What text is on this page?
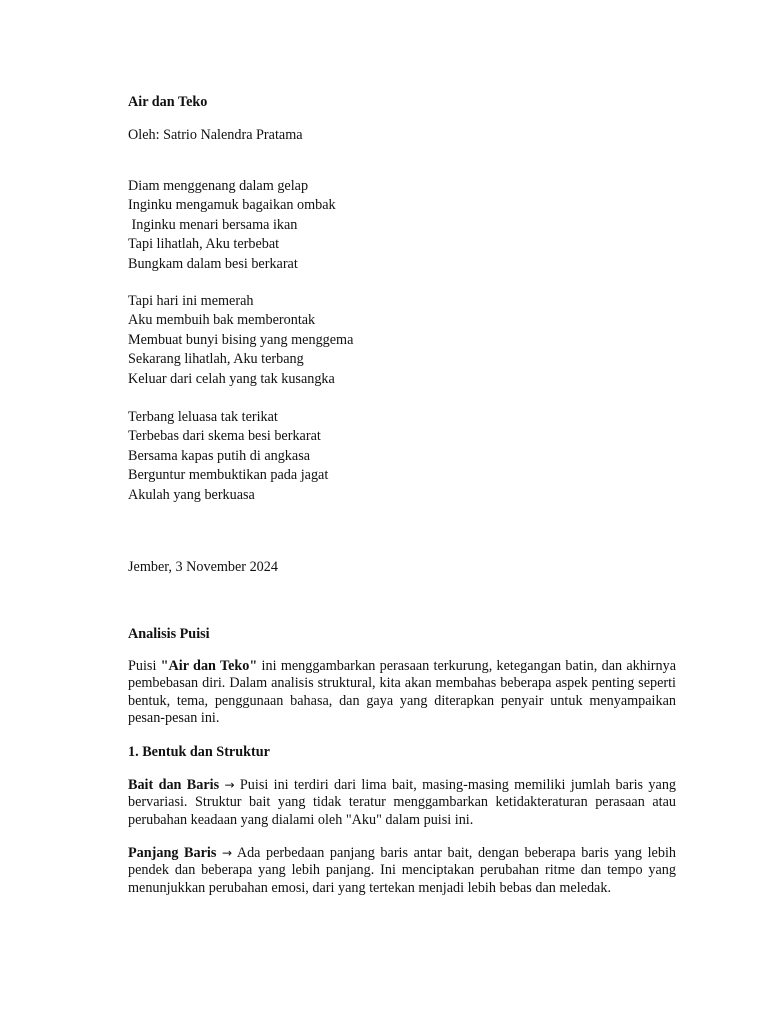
Air dan Teko
Oleh: Satrio Nalendra Pratama
Diam menggenang dalam gelap
Inginku mengamuk bagaikan ombak
Inginku menari bersama ikan
Tapi lihatlah, Aku terbebat
Bungkam dalam besi berkarat
Tapi hari ini memerah
Aku membuih bak memberontak
Membuat bunyi bising yang menggema
Sekarang lihatlah, Aku terbang
Keluar dari celah yang tak kusangka
Terbang leluasa tak terikat
Terbebas dari skema besi berkarat
Bersama kapas putih di angkasa
Berguntur membuktikan pada jagat
Akulah yang berkuasa
Jember, 3 November 2024
Analisis Puisi
Puisi "Air dan Teko" ini menggambarkan perasaan terkurung, ketegangan batin, dan akhirnya pembebasan diri. Dalam analisis struktural, kita akan membahas beberapa aspek penting seperti bentuk, tema, penggunaan bahasa, dan gaya yang diterapkan penyair untuk menyampaikan pesan-pesan ini.
1. Bentuk dan Struktur
Bait dan Baris → Puisi ini terdiri dari lima bait, masing-masing memiliki jumlah baris yang bervariasi. Struktur bait yang tidak teratur menggambarkan ketidakteraturan perasaan atau perubahan keadaan yang dialami oleh "Aku" dalam puisi ini.
Panjang Baris → Ada perbedaan panjang baris antar bait, dengan beberapa baris yang lebih pendek dan beberapa yang lebih panjang. Ini menciptakan perubahan ritme dan tempo yang menunjukkan perubahan emosi, dari yang tertekan menjadi lebih bebas dan meledak.
